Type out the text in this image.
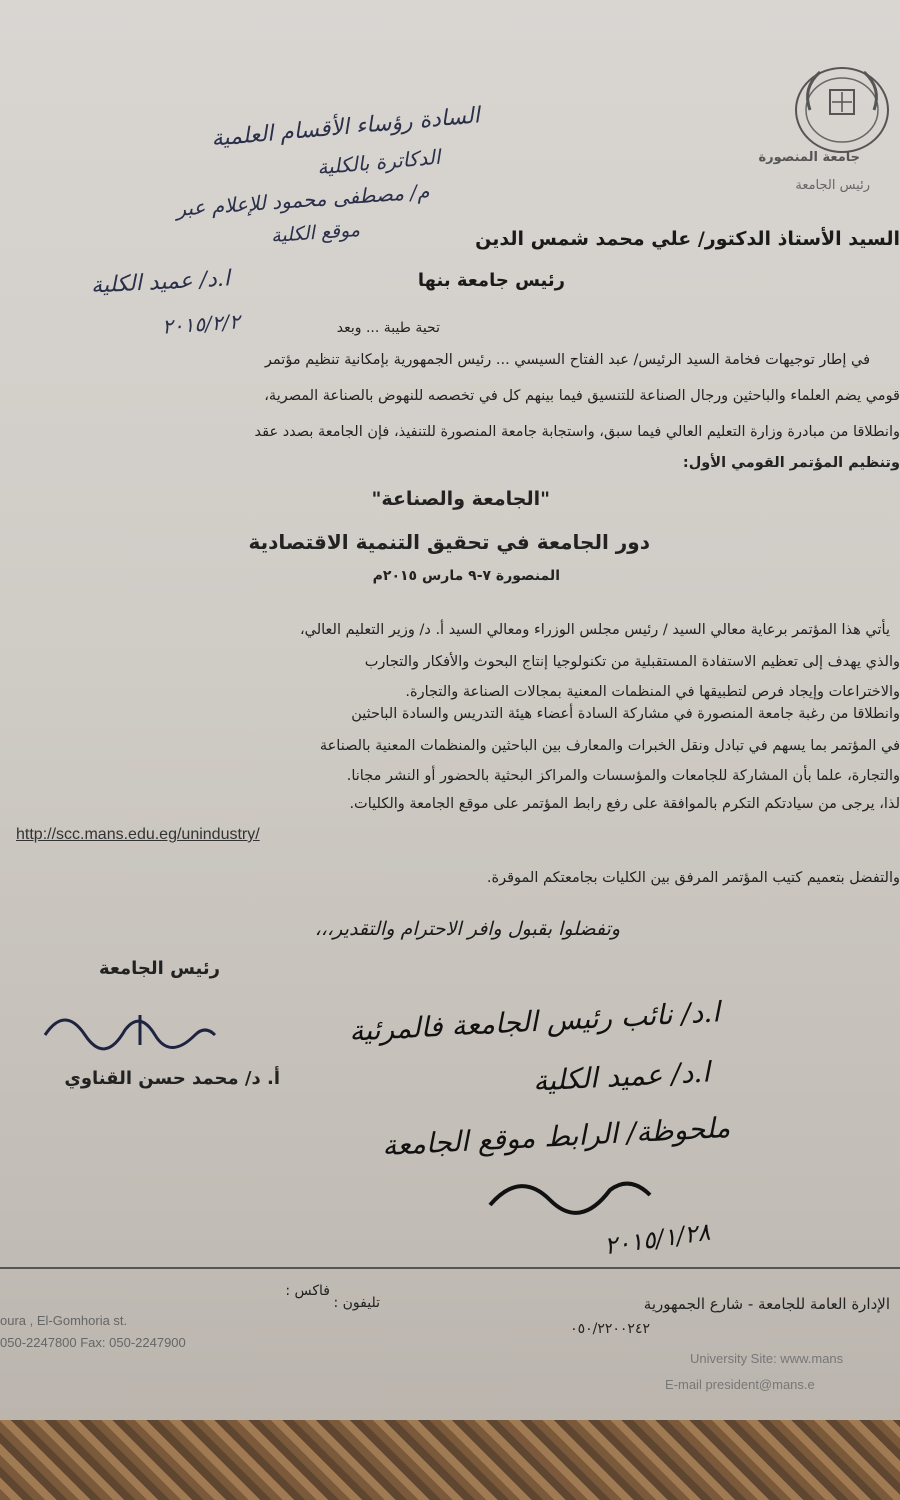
جامعة المنصورة
رئيس الجامعة
السادة رؤساء الأقسام العلمية
الدكاترة بالكلية
م/ مصطفى محمود للإعلام عبر
موقع الكلية
ا.د/ عميد الكلية
٢٠١٥/٢/٢
السيد الأستاذ الدكتور/ علي محمد شمس الدين
رئيس جامعة بنها
تحية طيبة ... وبعد
في إطار توجيهات فخامة السيد الرئيس/ عبد الفتاح السيسي ... رئيس الجمهورية بإمكانية تنظيم مؤتمر
قومي يضم العلماء والباحثين ورجال الصناعة للتنسيق فيما بينهم كل في تخصصه للنهوض بالصناعة المصرية،
وانطلاقا من مبادرة وزارة التعليم العالي فيما سبق، واستجابة جامعة المنصورة للتنفيذ، فإن الجامعة بصدد عقد
وتنظيم المؤتمر القومي الأول:
"الجامعة والصناعة"
دور الجامعة في تحقيق التنمية الاقتصادية
المنصورة ٧-٩ مارس ٢٠١٥م
يأتي هذا المؤتمر برعاية معالي السيد / رئيس مجلس الوزراء ومعالي السيد أ. د/ وزير التعليم العالي،
والذي يهدف إلى تعظيم الاستفادة المستقبلية من تكنولوجيا إنتاج البحوث والأفكار والتجارب
والاختراعات وإيجاد فرص لتطبيقها في المنظمات المعنية بمجالات الصناعة والتجارة.
وانطلاقا من رغبة جامعة المنصورة في مشاركة السادة أعضاء هيئة التدريس والسادة الباحثين
في المؤتمر بما يسهم في تبادل ونقل الخبرات والمعارف بين الباحثين والمنظمات المعنية بالصناعة
والتجارة، علما بأن المشاركة للجامعات والمؤسسات والمراكز البحثية بالحضور أو النشر مجانا.
لذا، يرجى من سيادتكم التكرم بالموافقة على رفع رابط المؤتمر على موقع الجامعة والكليات.
http://scc.mans.edu.eg/unindustry/
والتفضل بتعميم كتيب المؤتمر المرفق بين الكليات بجامعتكم الموقرة.
وتفضلوا بقبول وافر الاحترام والتقدير،،،
رئيس الجامعة
أ. د/ محمد حسن القناوي
ا.د/ نائب رئيس الجامعة فالمرئية
ا.د/ عميد الكلية
ملحوظة/ الرابط موقع الجامعة
٢٠١٥/١/٢٨
فاكس :
تليفون :	الإدارة العامة للجامعة - شارع الجمهورية
٠٥٠/٢٢٠٠٢٤٢
oura , El-Gomhoria st.
050-2247800 Fax: 050-2247900
University Site: www.mans
E-mail president@mans.e
